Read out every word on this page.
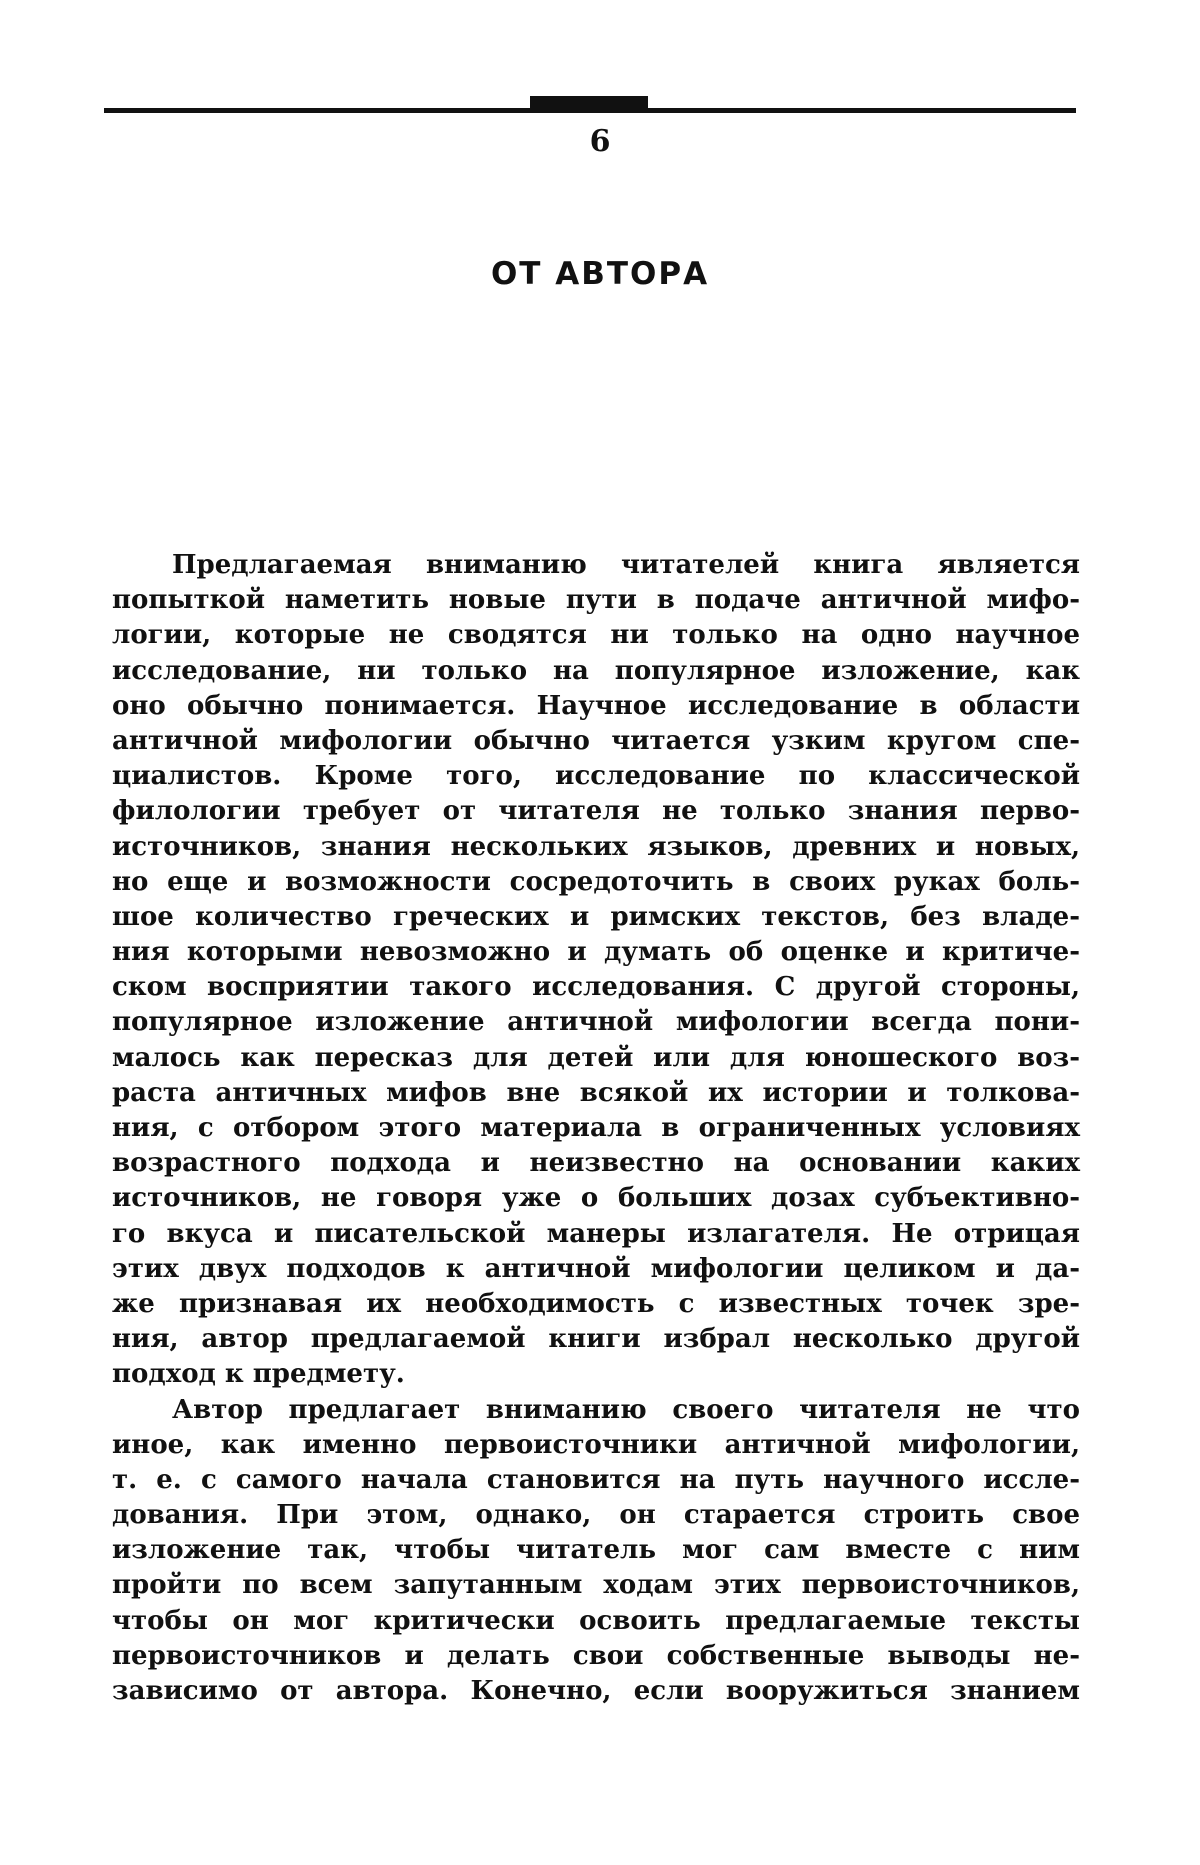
6
ОТ АВТОРА
Предлагаемая вниманию читателей книга является
попыткой наметить новые пути в подаче античной мифо-
логии, которые не сводятся ни только на одно научное
исследование, ни только на популярное изложение, как
оно обычно понимается. Научное исследование в области
античной мифологии обычно читается узким кругом спе-
циалистов. Кроме того, исследование по классической
филологии требует от читателя не только знания перво-
источников, знания нескольких языков, древних и новых,
но еще и возможности сосредоточить в своих руках боль-
шое количество греческих и римских текстов, без владе-
ния которыми невозможно и думать об оценке и критиче-
ском восприятии такого исследования. С другой стороны,
популярное изложение античной мифологии всегда пони-
малось как пересказ для детей или для юношеского воз-
раста античных мифов вне всякой их истории и толкова-
ния, с отбором этого материала в ограниченных условиях
возрастного подхода и неизвестно на основании каких
источников, не говоря уже о больших дозах субъективно-
го вкуса и писательской манеры излагателя. Не отрицая
этих двух подходов к античной мифологии целиком и да-
же признавая их необходимость с известных точек зре-
ния, автор предлагаемой книги избрал несколько другой
подход к предмету.
Автор предлагает вниманию своего читателя не что
иное, как именно первоисточники античной мифологии,
т. е. с самого начала становится на путь научного иссле-
дования. При этом, однако, он старается строить свое
изложение так, чтобы читатель мог сам вместе с ним
пройти по всем запутанным ходам этих первоисточников,
чтобы он мог критически освоить предлагаемые тексты
первоисточников и делать свои собственные выводы не-
зависимо от автора. Конечно, если вооружиться знанием
